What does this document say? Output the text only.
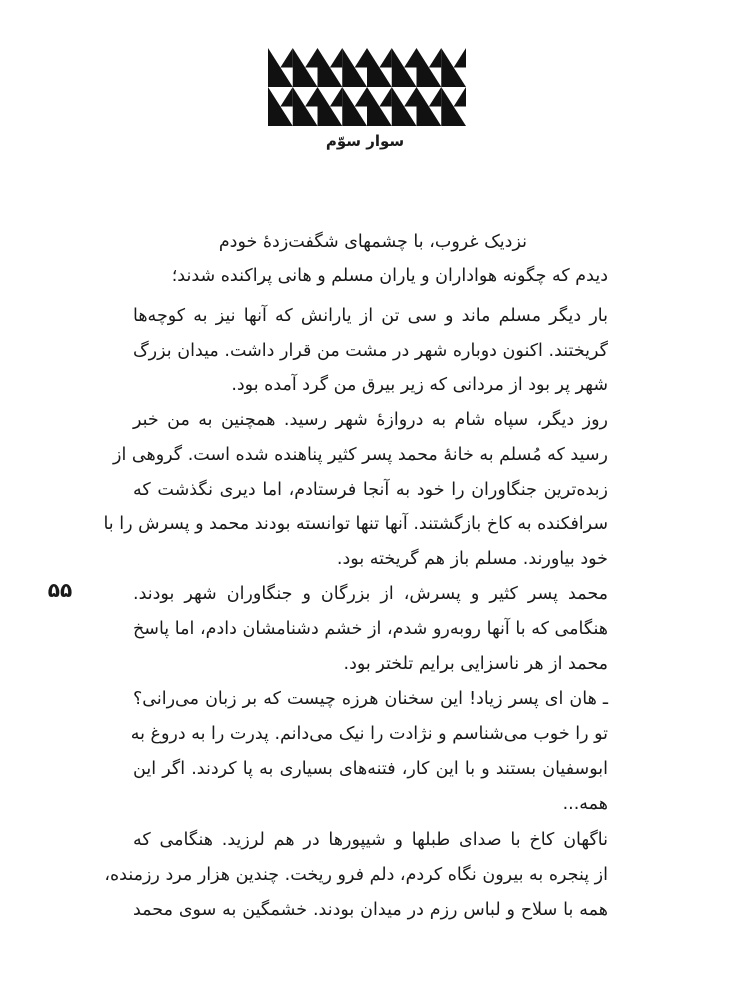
سوار سوّم
۵۵
نزدیک غروب، با چشمهای شگفت‌زدهٔ خودم
دیدم که چگونه هواداران و یاران مسلم و هانی پراکنده شدند؛
بار دیگر مسلم ماند و سی تن از یارانش که آنها نیز به کوچه‌ها
گریختند. اکنون دوباره شهر در مشت من قرار داشت. میدان بزرگ
شهر پر بود از مردانی که زیر بیرق من گرد آمده بود.
روز دیگر، سپاه شام به دروازهٔ شهر رسید. همچنین به من خبر
رسید که مُسلم به خانهٔ محمد پسر کثیر پناهنده شده است. گروهی از
زبده‌ترین جنگاوران را خود به آنجا فرستادم، اما دیری نگذشت که
سرافکنده به کاخ بازگشتند. آنها تنها توانسته بودند محمد و پسرش را با
خود بیاورند. مسلم باز هم گریخته بود.
محمد پسر کثیر و پسرش، از بزرگان و جنگاوران شهر بودند.
هنگامی که با آنها روبه‌رو شدم، از خشم دشنامشان دادم، اما پاسخ
محمد از هر ناسزایی برایم تلختر بود.
ـ هان ای پسر زیاد! این سخنان هرزه چیست که بر زبان می‌رانی؟
تو را خوب می‌شناسم و نژادت را نیک می‌دانم. پدرت را به دروغ به
ابوسفیان بستند و با این کار، فتنه‌های بسیاری به پا کردند. اگر این
همه...
ناگهان کاخ با صدای طبلها و شیپورها در هم لرزید. هنگامی که
از پنجره به بیرون نگاه کردم، دلم فرو ریخت. چندین هزار مرد رزمنده،
همه با سلاح و لباس رزم در میدان بودند. خشمگین به سوی محمد
